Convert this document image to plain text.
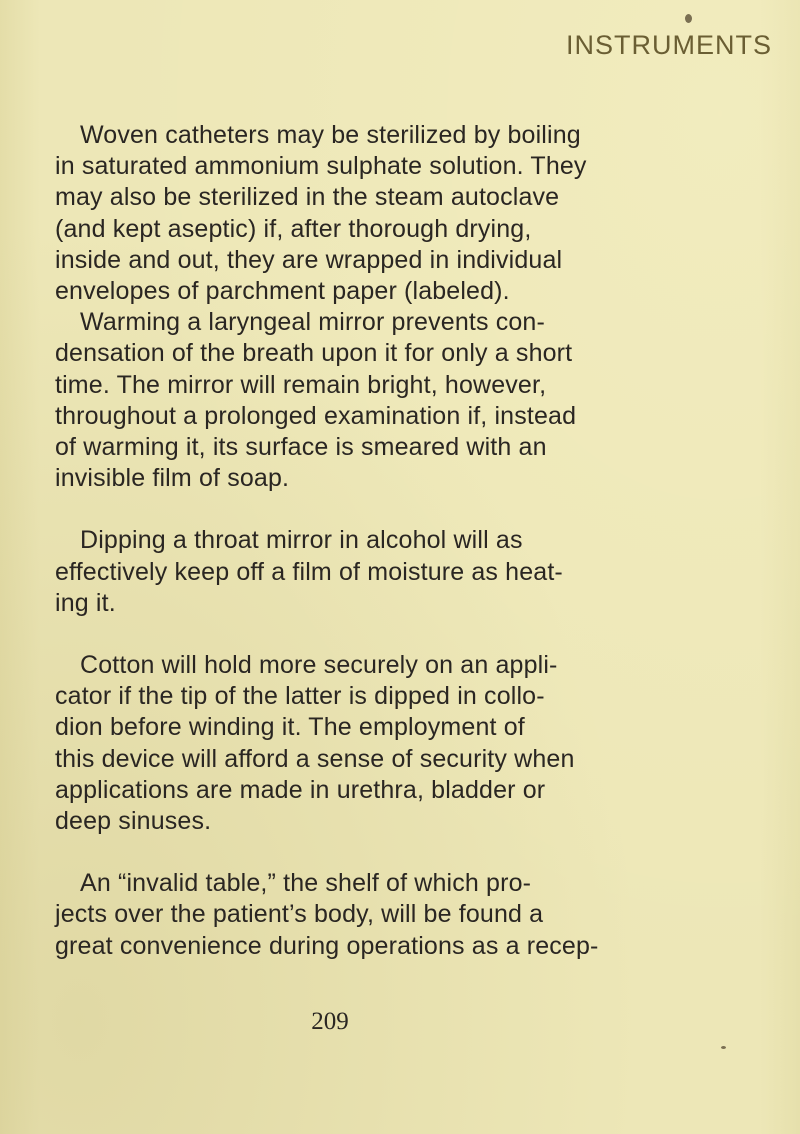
INSTRUMENTS

Woven catheters may be sterilized by boiling
in saturated ammonium sulphate solution. They
may also be sterilized in the steam autoclave
(and kept aseptic) if, after thorough drying,
inside and out, they are wrapped in individual
envelopes of parchment paper (labeled).

Warming a laryngeal mirror prevents con-
densation of the breath upon it for only a short
time. The mirror will remain bright, however,
throughout a prolonged examination if, instead
of warming it, its surface is smeared with an
invisible film of soap.

Dipping a throat mirror in alcohol will as
effectively keep off a film of moisture as heat-
ing it.

Cotton will hold more securely on an appli-
cator if the tip of the latter is dipped in collo-
dion before winding it. The employment of
this device will afford a sense of security when
applications are made in urethra, bladder or
deep sinuses.

An “invalid table,” the shelf of which pro-
jects over the patient’s body, will be found a
great convenience during operations as a recep-

209
